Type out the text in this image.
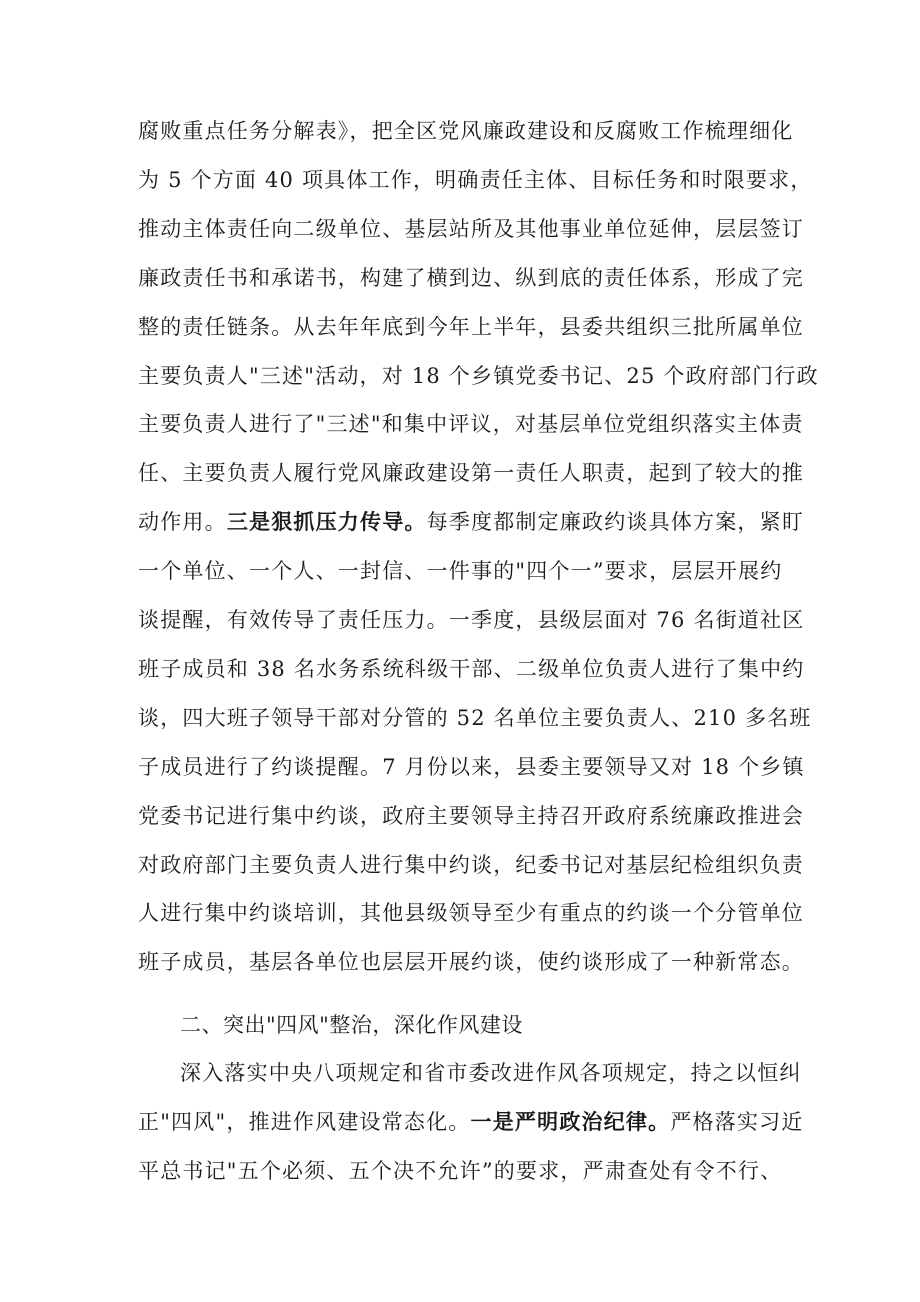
腐败重点任务分解表》，把全区党风廉政建设和反腐败工作梳理细化
为 5 个方面 40 项具体工作，明确责任主体、目标任务和时限要求，
推动主体责任向二级单位、基层站所及其他事业单位延伸，层层签订
廉政责任书和承诺书，构建了横到边、纵到底的责任体系，形成了完
整的责任链条。从去年年底到今年上半年，县委共组织三批所属单位
主要负责人"三述"活动，对 18 个乡镇党委书记、25 个政府部门行政
主要负责人进行了"三述"和集中评议，对基层单位党组织落实主体责
任、主要负责人履行党风廉政建设第一责任人职责，起到了较大的推
动作用。三是狠抓压力传导。每季度都制定廉政约谈具体方案，紧盯
一个单位、一个人、一封信、一件事的"四个一”要求，层层开展约
谈提醒，有效传导了责任压力。一季度，县级层面对 76 名街道社区
班子成员和 38 名水务系统科级干部、二级单位负责人进行了集中约
谈，四大班子领导干部对分管的 52 名单位主要负责人、210 多名班
子成员进行了约谈提醒。7 月份以来，县委主要领导又对 18 个乡镇
党委书记进行集中约谈，政府主要领导主持召开政府系统廉政推进会
对政府部门主要负责人进行集中约谈，纪委书记对基层纪检组织负责
人进行集中约谈培训，其他县级领导至少有重点的约谈一个分管单位
班子成员，基层各单位也层层开展约谈，使约谈形成了一种新常态。
二、突出"四风"整治，深化作风建设
深入落实中央八项规定和省市委改进作风各项规定，持之以恒纠
正"四风"，推进作风建设常态化。一是严明政治纪律。严格落实习近
平总书记"五个必须、五个决不允许”的要求，严肃查处有令不行、
